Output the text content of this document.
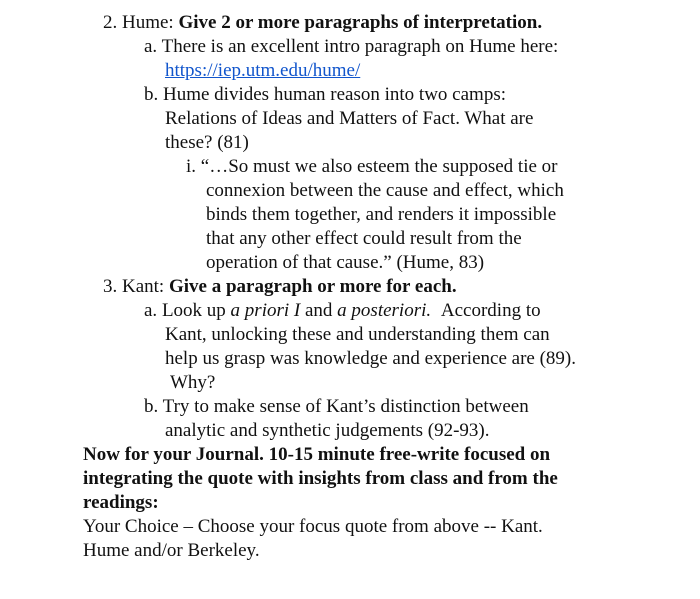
2. Hume: Give 2 or more paragraphs of interpretation.
a. There is an excellent intro paragraph on Hume here:
https://iep.utm.edu/hume/
b. Hume divides human reason into two camps:
Relations of Ideas and Matters of Fact. What are
these? (81)
i. “…So must we also esteem the supposed tie or
connexion between the cause and effect, which
binds them together, and renders it impossible
that any other effect could result from the
operation of that cause.” (Hume, 83)
3. Kant: Give a paragraph or more for each.
a. Look up a priori I and a posteriori. According to
Kant, unlocking these and understanding them can
help us grasp was knowledge and experience are (89).
Why?
b. Try to make sense of Kant’s distinction between
analytic and synthetic judgements (92-93).
Now for your Journal. 10-15 minute free-write focused on
integrating the quote with insights from class and from the
readings:
Your Choice – Choose your focus quote from above -- Kant.
Hume and/or Berkeley.
